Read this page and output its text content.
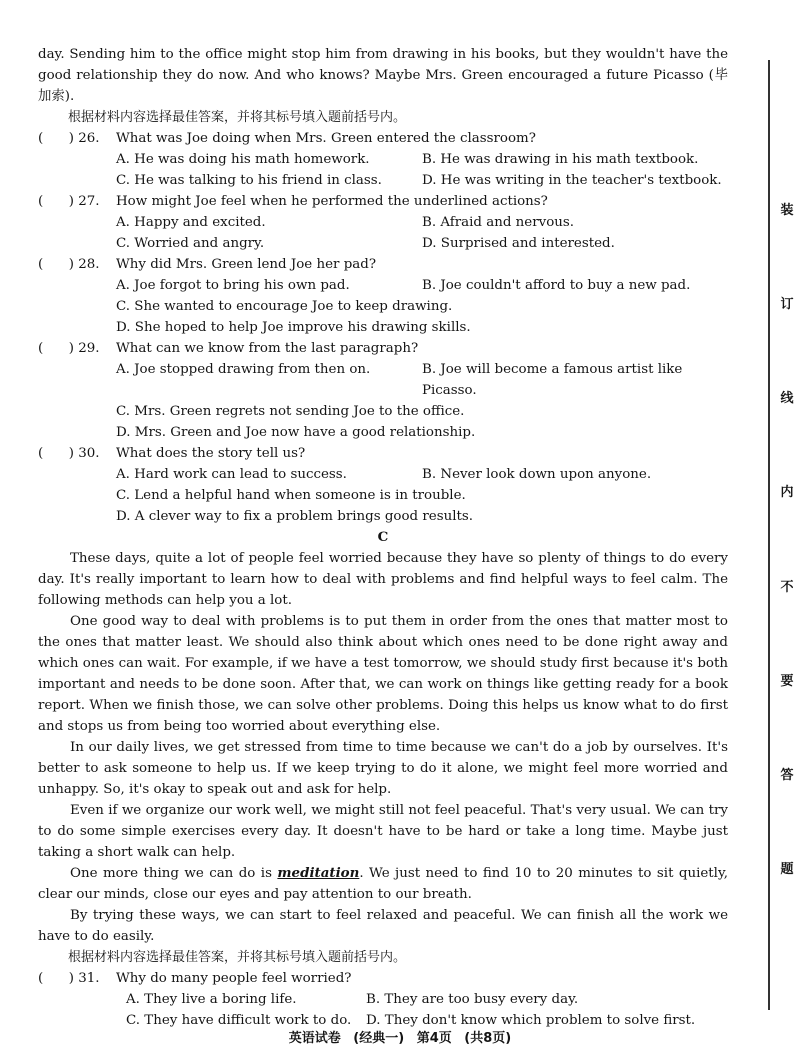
day. Sending him to the office might stop him from drawing in his books, but they wouldn't have the good relationship they do now. And who knows? Maybe Mrs. Green encouraged a future Picasso (毕加索).

根据材料内容选择最佳答案，并将其标号填入题前括号内。

(      ) 26.	What was Joe doing when Mrs. Green entered the classroom?
A. He was doing his math homework.	B. He was drawing in his math textbook.
C. He was talking to his friend in class.	D. He was writing in the teacher's textbook.
(      ) 27.	How might Joe feel when he performed the underlined actions?
A. Happy and excited.	B. Afraid and nervous.
C. Worried and angry.	D. Surprised and interested.
(      ) 28.	Why did Mrs. Green lend Joe her pad?
A. Joe forgot to bring his own pad.	B. Joe couldn't afford to buy a new pad.
C. She wanted to encourage Joe to keep drawing.
D. She hoped to help Joe improve his drawing skills.
(      ) 29.	What can we know from the last paragraph?
A. Joe stopped drawing from then on.	B. Joe will become a famous artist like Picasso.
C. Mrs. Green regrets not sending Joe to the office.
D. Mrs. Green and Joe now have a good relationship.
(      ) 30.	What does the story tell us?
A. Hard work can lead to success.	B. Never look down upon anyone.
C. Lend a helpful hand when someone is in trouble.
D. A clever way to fix a problem brings good results.

C

These days, quite a lot of people feel worried because they have so plenty of things to do every day. It's really important to learn how to deal with problems and find helpful ways to feel calm. The following methods can help you a lot.

One good way to deal with problems is to put them in order from the ones that matter most to the ones that matter least. We should also think about which ones need to be done right away and which ones can wait. For example, if we have a test tomorrow, we should study first because it's both important and needs to be done soon. After that, we can work on things like getting ready for a book report. When we finish those, we can solve other problems. Doing this helps us know what to do first and stops us from being too worried about everything else.

In our daily lives, we get stressed from time to time because we can't do a job by ourselves. It's better to ask someone to help us. If we keep trying to do it alone, we might feel more worried and unhappy. So, it's okay to speak out and ask for help.

Even if we organize our work well, we might still not feel peaceful. That's very usual. We can try to do some simple exercises every day. It doesn't have to be hard or take a long time. Maybe just taking a short walk can help.

One more thing we can do is meditation. We just need to find 10 to 20 minutes to sit quietly, clear our minds, close our eyes and pay attention to our breath.

By trying these ways, we can start to feel relaxed and peaceful. We can finish all the work we have to do easily.

根据材料内容选择最佳答案，并将其标号填入题前括号内。

(      ) 31.	Why do many people feel worried?
A. They live a boring life.	B. They are too busy every day.
C. They have difficult work to do.	D. They don't know which problem to solve first.
装
订
线
内
不
要
答
题
英语试卷 (经典一) 第4页 (共8页)
